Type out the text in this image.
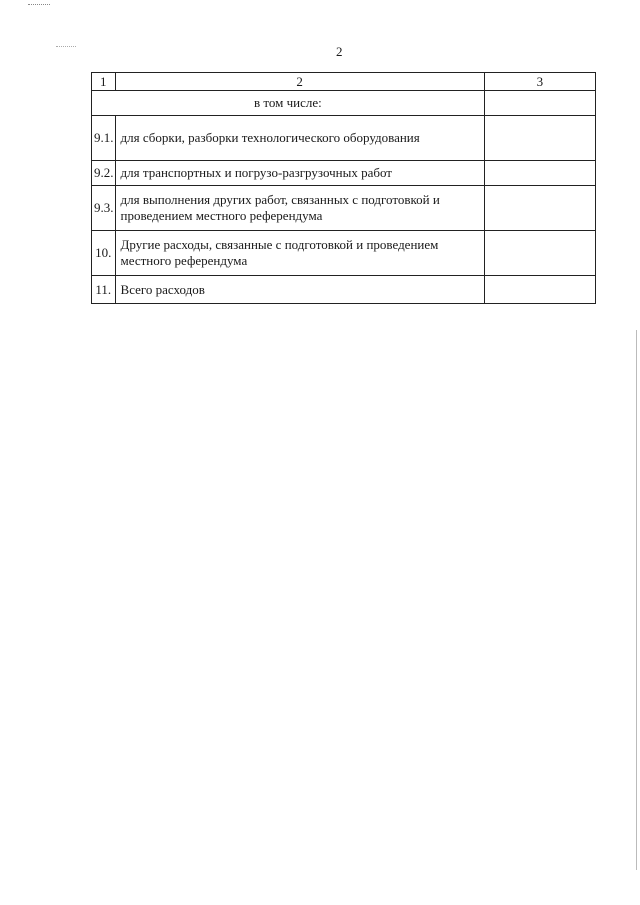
2
1	2	3
в том числе:		
9.1.	для сборки, разборки технологического оборудования	
9.2.	для транспортных и погрузо-разгрузочных работ	
9.3.	для выполнения других работ, связанных с подготовкой и проведением местного референдума	
10.	Другие расходы, связанные с подготовкой и проведением местного референдума	
11.	Всего расходов	
